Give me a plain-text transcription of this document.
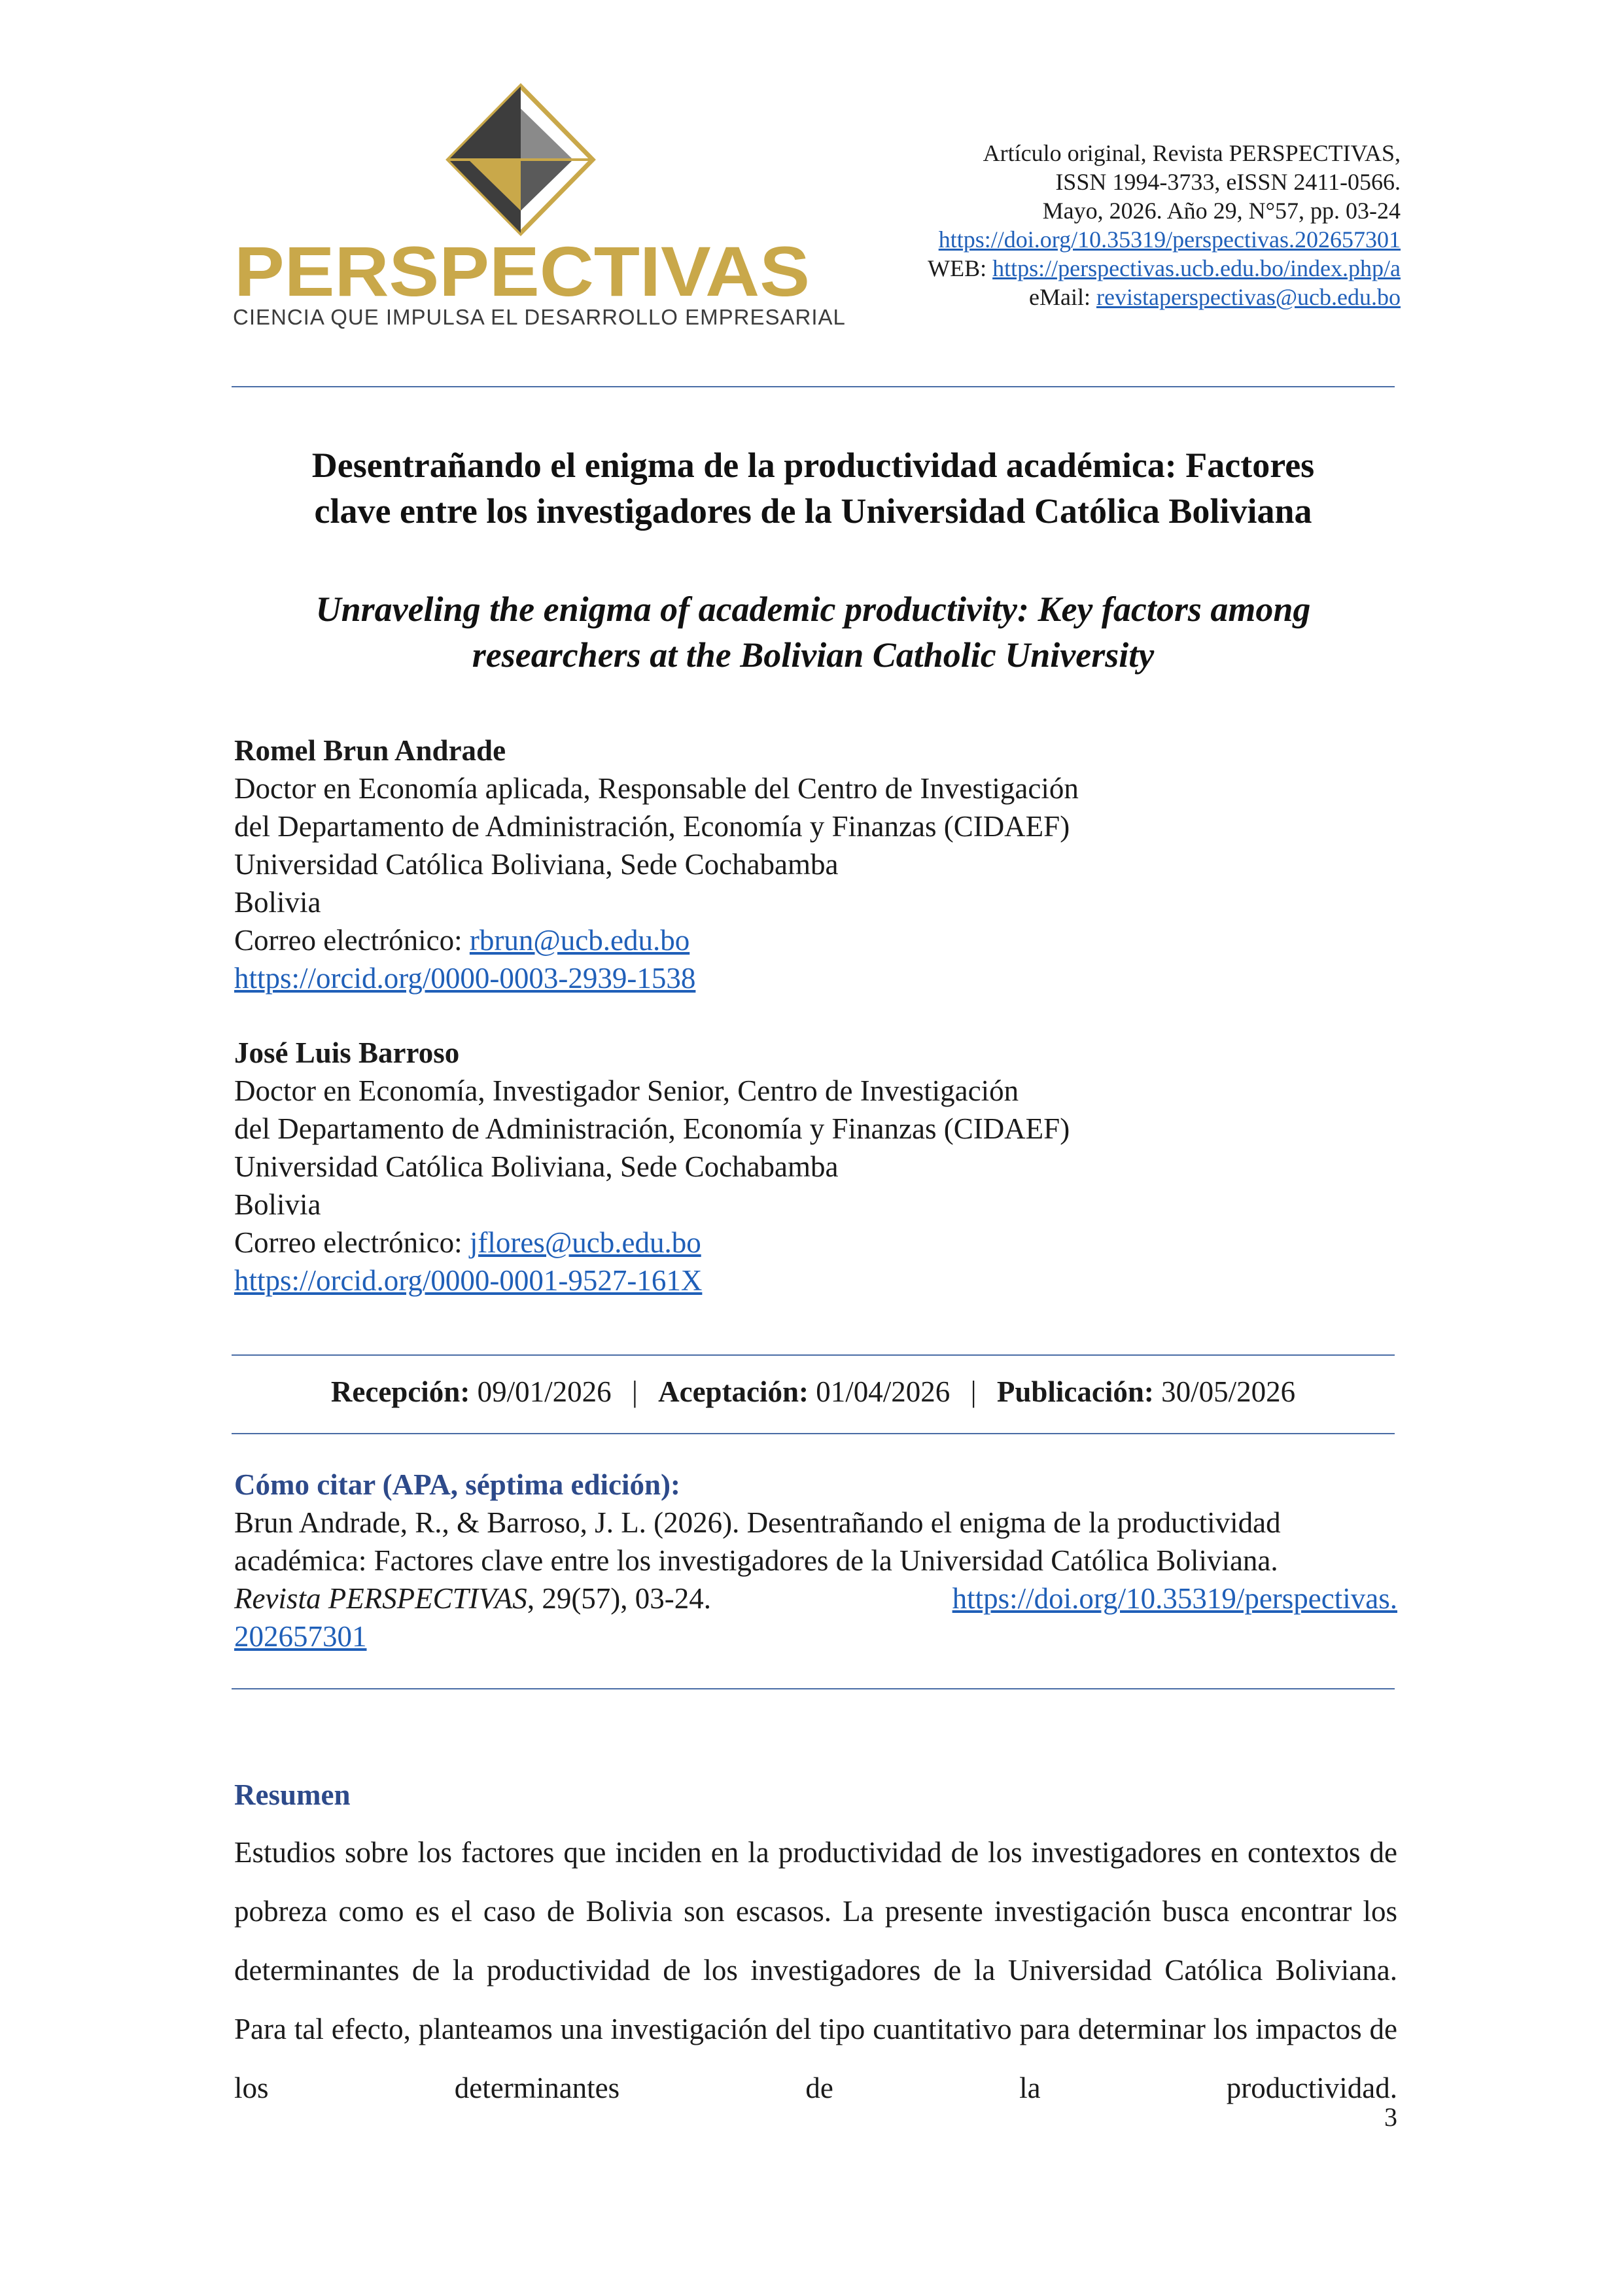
PERSPECTIVAS
CIENCIA QUE IMPULSA EL DESARROLLO EMPRESARIAL
Artículo original, Revista PERSPECTIVAS,
ISSN 1994-3733, eISSN 2411-0566.
Mayo, 2026. Año 29, N°57, pp. 03-24
https://doi.org/10.35319/perspectivas.202657301
WEB: https://perspectivas.ucb.edu.bo/index.php/a
eMail: revistaperspectivas@ucb.edu.bo
Desentrañando el enigma de la productividad académica: Factores
clave entre los investigadores de la Universidad Católica Boliviana
Unraveling the enigma of academic productivity: Key factors among
researchers at the Bolivian Catholic University
Romel Brun Andrade
Doctor en Economía aplicada, Responsable del Centro de Investigación
del Departamento de Administración, Economía y Finanzas (CIDAEF)
Universidad Católica Boliviana, Sede Cochabamba
Bolivia
Correo electrónico: rbrun@ucb.edu.bo
https://orcid.org/0000-0003-2939-1538
José Luis Barroso
Doctor en Economía, Investigador Senior, Centro de Investigación
del Departamento de Administración, Economía y Finanzas (CIDAEF)
Universidad Católica Boliviana, Sede Cochabamba
Bolivia
Correo electrónico: jflores@ucb.edu.bo
https://orcid.org/0000-0001-9527-161X
Recepción: 09/01/2026 | Aceptación: 01/04/2026 | Publicación: 30/05/2026
Cómo citar (APA, séptima edición):
Brun Andrade, R., & Barroso, J. L. (2026). Desentrañando el enigma de la productividad
académica: Factores clave entre los investigadores de la Universidad Católica Boliviana.
Revista PERSPECTIVAS, 29(57), 03-24.	https://doi.org/10.35319/perspectivas.
202657301
Resumen
Estudios sobre los factores que inciden en la productividad de los investigadores en contextos de pobreza como es el caso de Bolivia son escasos. La presente investigación busca encontrar los determinantes de la productividad de los investigadores de la Universidad Católica Boliviana. Para tal efecto, planteamos una investigación del tipo cuantitativo para determinar los impactos de los determinantes de la productividad.
3
